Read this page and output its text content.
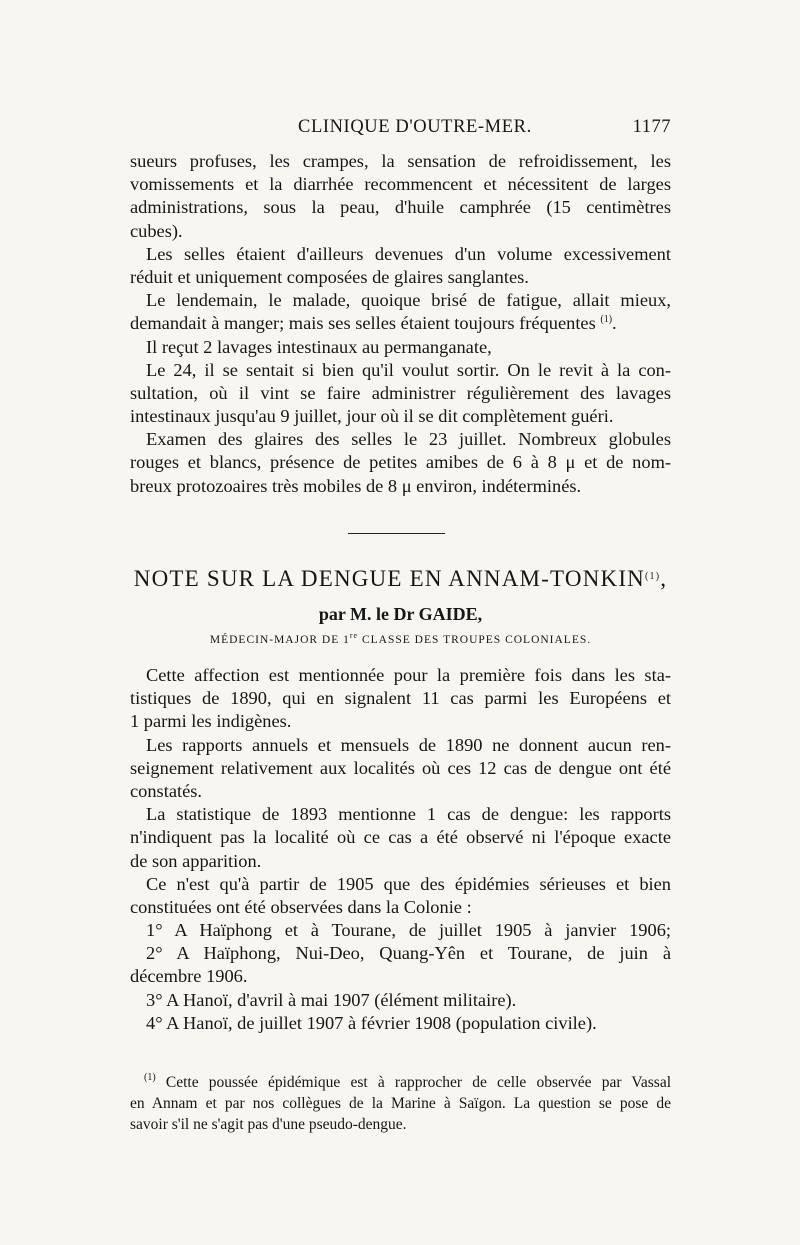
CLINIQUE D'OUTRE-MER.	1177
sueurs profuses, les crampes, la sensation de refroidissement, les
vomissements et la diarrhée recommencent et nécessitent de larges
administrations, sous la peau, d'huile camphrée (15 centimètres
cubes).
Les selles étaient d'ailleurs devenues d'un volume excessivement
réduit et uniquement composées de glaires sanglantes.
Le lendemain, le malade, quoique brisé de fatigue, allait mieux,
demandait à manger; mais ses selles étaient toujours fréquentes $^{(1)}$.
Il reçut 2 lavages intestinaux au permanganate,
Le 24, il se sentait si bien qu'il voulut sortir. On le revit à la con-
sultation, où il vint se faire administrer régulièrement des lavages
intestinaux jusqu'au 9 juillet, jour où il se dit complètement guéri.
Examen des glaires des selles le 23 juillet. Nombreux globules
rouges et blancs, présence de petites amibes de 6 à 8 μ et de nom-
breux protozoaires très mobiles de 8 μ environ, indéterminés.
NOTE SUR LA DENGUE EN ANNAM-TONKIN$^{(1)}$,
par M. le Dr GAIDE,
MÉDECIN-MAJOR DE 1re CLASSE DES TROUPES COLONIALES.
Cette affection est mentionnée pour la première fois dans les sta-
tistiques de 1890, qui en signalent 11 cas parmi les Européens et
1 parmi les indigènes.
Les rapports annuels et mensuels de 1890 ne donnent aucun ren-
seignement relativement aux localités où ces 12 cas de dengue ont été
constatés.
La statistique de 1893 mentionne 1 cas de dengue: les rapports
n'indiquent pas la localité où ce cas a été observé ni l'époque exacte
de son apparition.
Ce n'est qu'à partir de 1905 que des épidémies sérieuses et bien
constituées ont été observées dans la Colonie :
1° A Haïphong et à Tourane, de juillet 1905 à janvier 1906;
2° A Haïphong, Nui-Deo, Quang-Yên et Tourane, de juin à
décembre 1906.
3° A Hanoï, d'avril à mai 1907 (élément militaire).
4° A Hanoï, de juillet 1907 à février 1908 (population civile).
$^{(1)}$ Cette poussée épidémique est à rapprocher de celle observée par Vassal
en Annam et par nos collègues de la Marine à Saïgon. La question se pose de
savoir s'il ne s'agit pas d'une pseudo-dengue.
